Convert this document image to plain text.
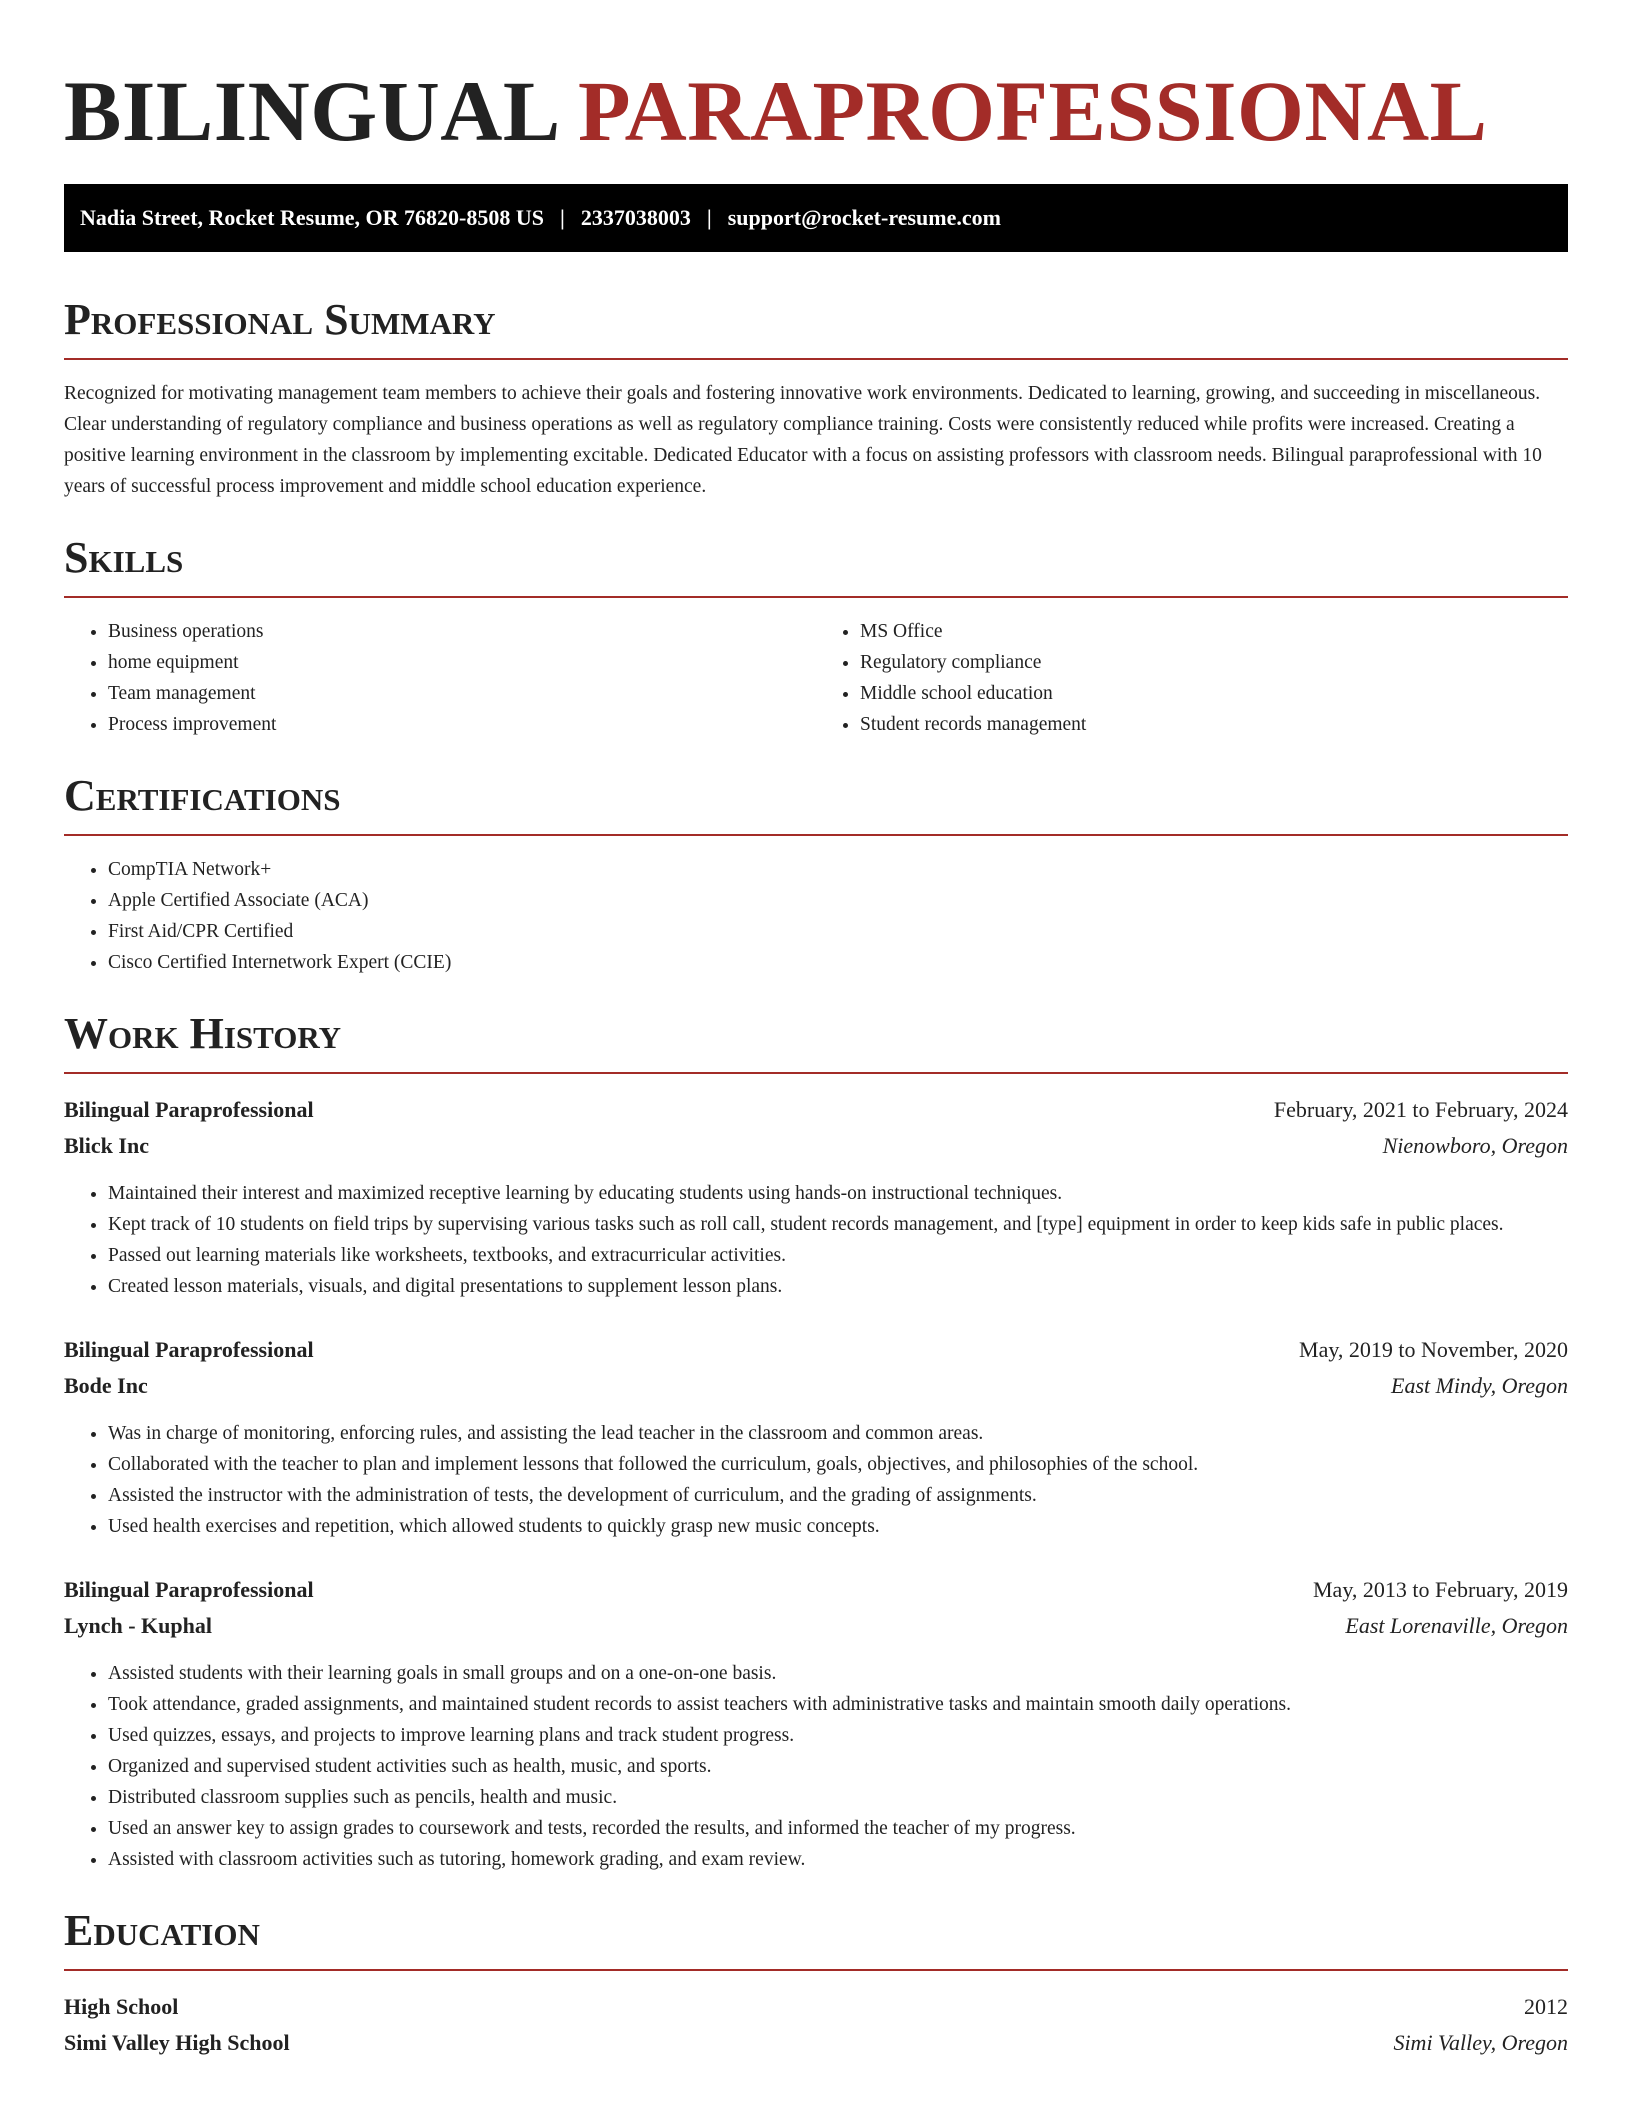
BILINGUAL PARAPROFESSIONAL
Nadia Street, Rocket Resume, OR 76820-8508 US | 2337038003 | support@rocket-resume.com
Professional Summary

Recognized for motivating management team members to achieve their goals and fostering innovative work environments. Dedicated to learning, growing, and succeeding in miscellaneous. Clear understanding of regulatory compliance and business operations as well as regulatory compliance training. Costs were consistently reduced while profits were increased. Creating a positive learning environment in the classroom by implementing excitable. Dedicated Educator with a focus on assisting professors with classroom needs. Bilingual paraprofessional with 10 years of successful process improvement and middle school education experience.

Skills
• Business operations
• home equipment
• Team management
• Process improvement
• MS Office
• Regulatory compliance
• Middle school education
• Student records management
Certifications
• CompTIA Network+
• Apple Certified Associate (ACA)
• First Aid/CPR Certified
• Cisco Certified Internetwork Expert (CCIE)
Work History
Bilingual Paraprofessional	February, 2021 to February, 2024
Blick Inc	Nienowboro, Oregon
• Maintained their interest and maximized receptive learning by educating students using hands-on instructional techniques.
• Kept track of 10 students on field trips by supervising various tasks such as roll call, student records management, and [type] equipment in order to keep kids safe in public places.
• Passed out learning materials like worksheets, textbooks, and extracurricular activities.
• Created lesson materials, visuals, and digital presentations to supplement lesson plans.
Bilingual Paraprofessional	May, 2019 to November, 2020
Bode Inc	East Mindy, Oregon
• Was in charge of monitoring, enforcing rules, and assisting the lead teacher in the classroom and common areas.
• Collaborated with the teacher to plan and implement lessons that followed the curriculum, goals, objectives, and philosophies of the school.
• Assisted the instructor with the administration of tests, the development of curriculum, and the grading of assignments.
• Used health exercises and repetition, which allowed students to quickly grasp new music concepts.
Bilingual Paraprofessional	May, 2013 to February, 2019
Lynch - Kuphal	East Lorenaville, Oregon
• Assisted students with their learning goals in small groups and on a one-on-one basis.
• Took attendance, graded assignments, and maintained student records to assist teachers with administrative tasks and maintain smooth daily operations.
• Used quizzes, essays, and projects to improve learning plans and track student progress.
• Organized and supervised student activities such as health, music, and sports.
• Distributed classroom supplies such as pencils, health and music.
• Used an answer key to assign grades to coursework and tests, recorded the results, and informed the teacher of my progress.
• Assisted with classroom activities such as tutoring, homework grading, and exam review.
Education
High School	2012
Simi Valley High School	Simi Valley, Oregon
